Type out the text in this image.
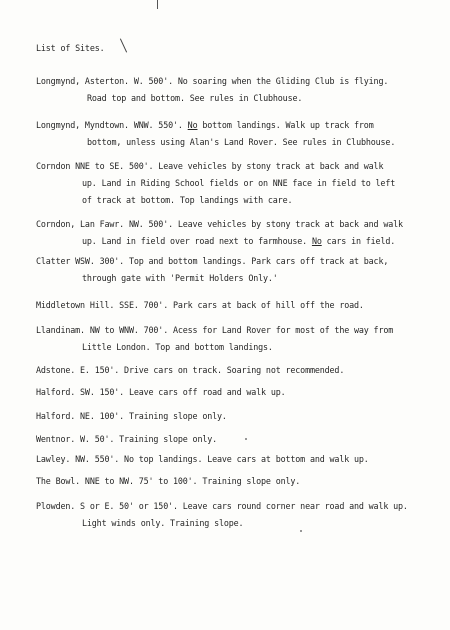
List of Sites.
Longmynd, Asterton. W. 500'. No soaring when the Gliding Club is flying.
Road top and bottom. See rules in Clubhouse.
Longmynd, Myndtown. WNW. 550'. No bottom landings. Walk up track from
bottom, unless using Alan's Land Rover. See rules in Clubhouse.
Corndon NNE to SE. 500'. Leave vehicles by stony track at back and walk
up. Land in Riding School fields or on NNE face in field to left
of track at bottom. Top landings with care.
Corndon, Lan Fawr. NW. 500'. Leave vehicles by stony track at back and walk
up. Land in field over road next to farmhouse. No cars in field.
Clatter WSW. 300'. Top and bottom landings. Park cars off track at back,
through gate with 'Permit Holders Only.'
Middletown Hill. SSE. 700'. Park cars at back of hill off the road.
Llandinam. NW to WNW. 700'. Acess for Land Rover for most of the way from
Little London. Top and bottom landings.
Adstone. E. 150'. Drive cars on track. Soaring not recommended.
Halford. SW. 150'. Leave cars off road and walk up.
Halford. NE. 100'. Training slope only.
Wentnor. W. 50'. Training slope only.
Lawley. NW. 550'. No top landings. Leave cars at bottom and walk up.
The Bowl. NNE to NW. 75' to 100'. Training slope only.
Plowden. S or E. 50' or 150'. Leave cars round corner near road and walk up.
Light winds only. Training slope.
